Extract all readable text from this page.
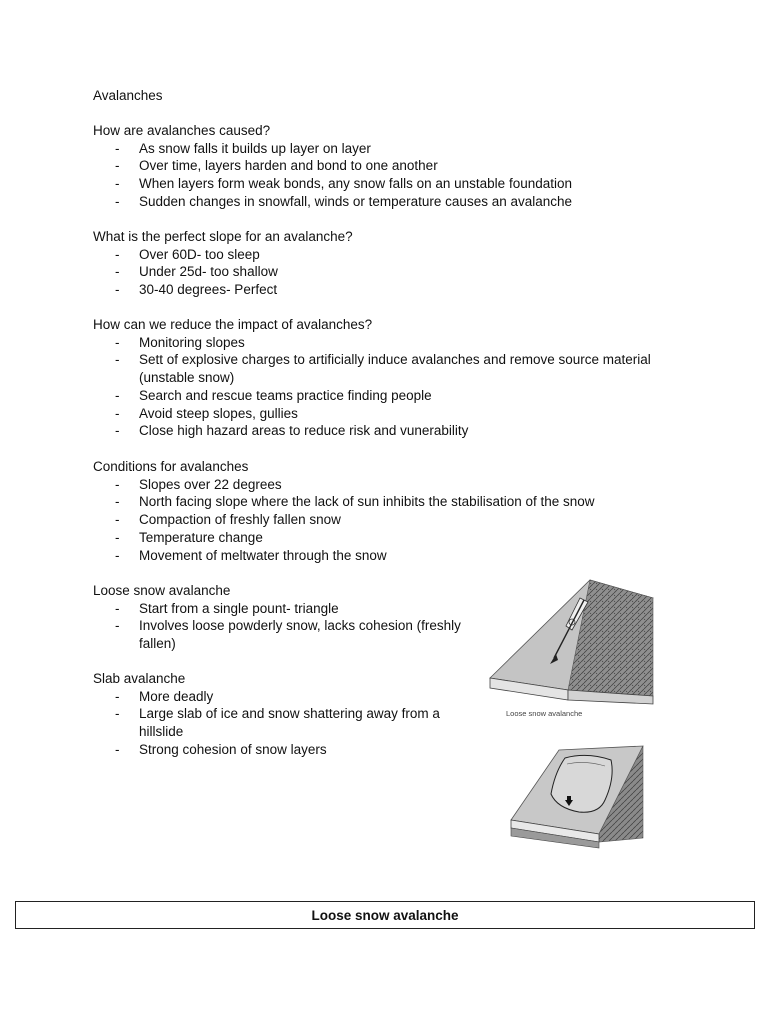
Avalanches
How are avalanches caused?
- As snow falls it builds up layer on layer
- Over time, layers harden and bond to one another
- When layers form weak bonds, any snow falls on an unstable foundation
- Sudden changes in snowfall, winds or temperature causes an avalanche
What is the perfect slope for an avalanche?
- Over 60D- too sleep
- Under 25d- too shallow
- 30-40 degrees- Perfect
How can we reduce the impact of avalanches?
- Monitoring slopes
- Sett of explosive charges to artificially induce avalanches and remove source material (unstable snow)
- Search and rescue teams practice finding people
- Avoid steep slopes, gullies
- Close high hazard areas to reduce risk and vunerability
Conditions for avalanches
- Slopes over 22 degrees
- North facing slope where the lack of sun inhibits the stabilisation of the snow
- Compaction of freshly fallen snow
- Temperature change
- Movement of meltwater through the snow
Loose snow avalanche
- Start from a single pount- triangle
- Involves loose powderly snow, lacks cohesion (freshly fallen)
Slab avalanche
- More deadly
- Large slab of ice and snow shattering away from a hillslide
- Strong cohesion of snow layers
Loose snow avalanche
Loose snow avalanche
